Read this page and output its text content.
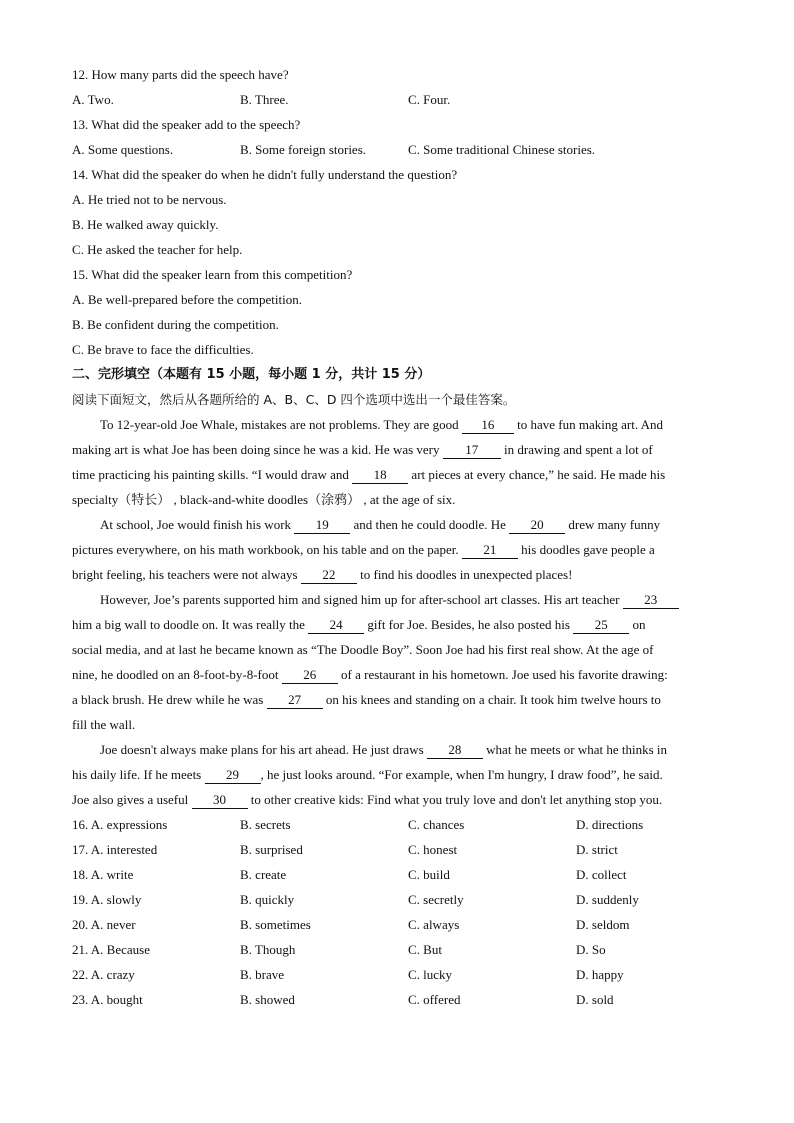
12. How many parts did the speech have?
A. Two.	B. Three.	C. Four.
13. What did the speaker add to the speech?
A. Some questions.	B. Some foreign stories.	C. Some traditional Chinese stories.
14. What did the speaker do when he didn't fully understand the question?
A. He tried not to be nervous.
B. He walked away quickly.
C. He asked the teacher for help.
15. What did the speaker learn from this competition?
A. Be well-prepared before the competition.
B. Be confident during the competition.
C. Be brave to face the difficulties.
二、完形填空（本题有 15 小题，每小题 1 分，共计 15 分）
阅读下面短文，然后从各题所给的 A、B、C、D 四个选项中选出一个最佳答案。
To 12-year-old Joe Whale, mistakes are not problems. They are good 16 to have fun making art. And
making art is what Joe has been doing since he was a kid. He was very 17 in drawing and spent a lot of
time practicing his painting skills. “I would draw and 18 art pieces at every chance,” he said. He made his
specialty（特长） , black-and-white doodles（涂鸦） , at the age of six.
At school, Joe would finish his work 19 and then he could doodle. He 20 drew many funny
pictures everywhere, on his math workbook, on his table and on the paper. 21 his doodles gave people a
bright feeling, his teachers were not always 22 to find his doodles in unexpected places!
However, Joe’s parents supported him and signed him up for after-school art classes. His art teacher 23
him a big wall to doodle on. It was really the 24 gift for Joe. Besides, he also posted his 25 on
social media, and at last he became known as “The Doodle Boy”. Soon Joe had his first real show. At the age of
nine, he doodled on an 8-foot-by-8-foot 26 of a restaurant in his hometown. Joe used his favorite drawing:
a black brush. He drew while he was 27 on his knees and standing on a chair. It took him twelve hours to
fill the wall.
Joe doesn't always make plans for his art ahead. He just draws 28 what he meets or what he thinks in
his daily life. If he meets 29 , he just looks around. “For example, when I'm hungry, I draw food”, he said.
Joe also gives a useful 30 to other creative kids: Find what you truly love and don't let anything stop you.
16. A. expressions	B. secrets	C. chances	D. directions
17. A. interested	B. surprised	C. honest	D. strict
18. A. write	B. create	C. build	D. collect
19. A. slowly	B. quickly	C. secretly	D. suddenly
20. A. never	B. sometimes	C. always	D. seldom
21. A. Because	B. Though	C. But	D. So
22. A. crazy	B. brave	C. lucky	D. happy
23. A. bought	B. showed	C. offered	D. sold
